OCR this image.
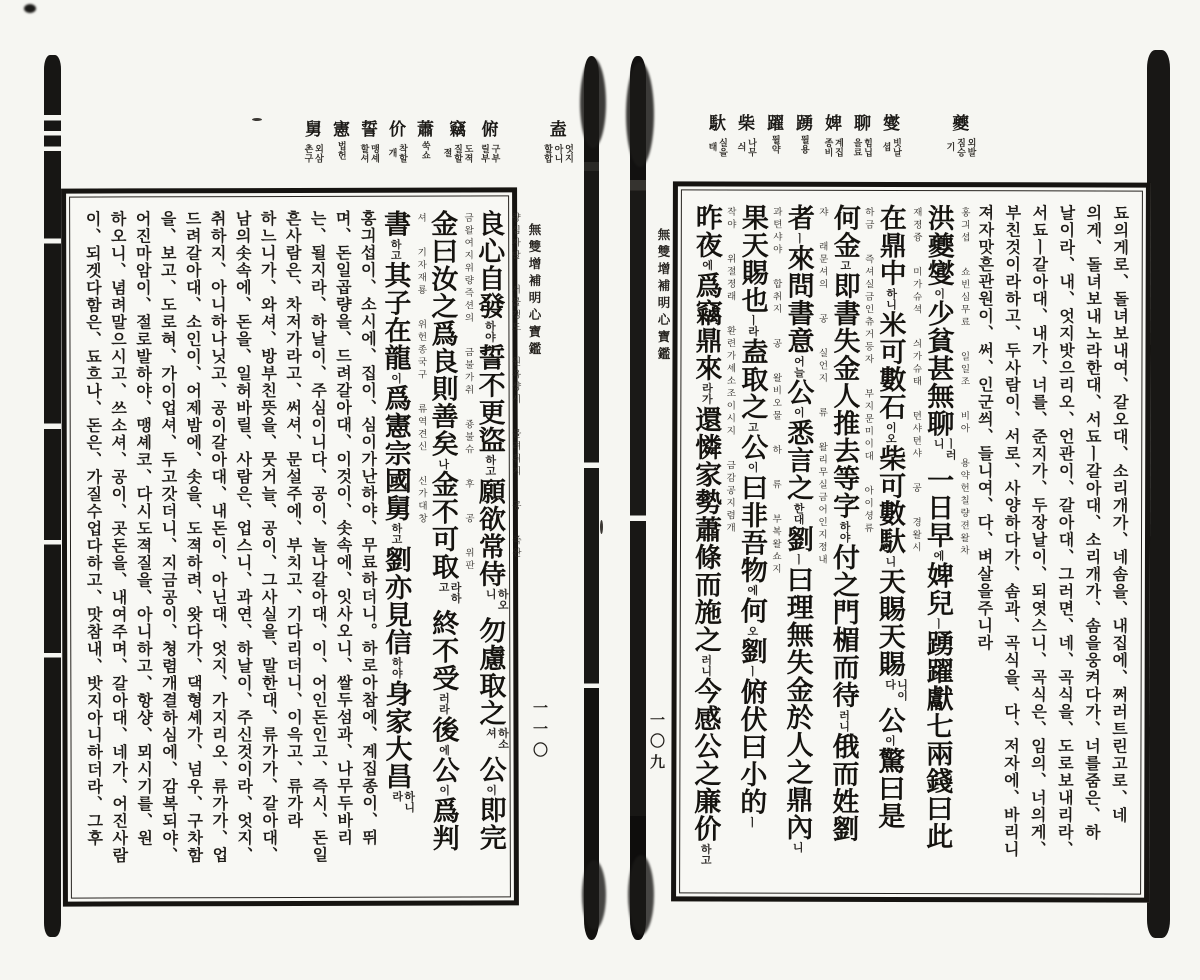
舅
외삼촌구
憲
법헌
誓
맹셰할셔
价
착할개
蕭
쑥쇼
竊
도젹질할졀
俯
구부릴부
盍
엇지아니할합
량심자발 서불갱도 원욕샹시 믈려취지 공 즉완
良心自發하야誓不更盜하고願欲常侍하오니勿慮取之하소셔公이即完
금왈여지위량즉션의 금불가취 죵불슈 후 공 위판
金曰汝之爲良則善矣나金不可取라하고終不受러라後에公이爲判
셔 기자재룡 위헌종국구 류역견신 신가대창
書하고其子在龍이爲憲宗國舅하고劉亦見信하야身家大昌하니라
홍긔섭이、소시에、집이、심이가난하야、무료하더니。하로아참에、계집종이、뛰
며、돈일곱량을、드려갈아대、이것이、솟속에、잇사오니、쌀두섬과、나무두바리
는、될지라、하날이、주심이니다、공이、놀나갈아대、이、어인돈인고、즉시、돈일
흔사람은、차저가라고、써셔、문설주에、부치고、기다리더니、이윽고、류가라
하느니가、와셔、방부친뜻을、뭇거늘、공이、그사실을、말한대、류가가、갈아대、
남의솟속에、돈을、일허바릴、사람은、업스니、과연、하날이、주신것이라、엇지、
취하지、아니하나닛고、공이갈아대、내돈이、아닌대、엇지、가지리오、류가가、업
드려갈아대、소인이、어제밤에、솟을、도젹하려、왓다가、댁형셰가、넘우、구차함
을、보고、도로혀、가이업셔、두고갓더니、지금공이、쳥렴개결하심에、감복되야、
어진마암이、절로발하야、맹셰코、다시도젹질을、아니하고、항샹、뫼시기를、원
하오니、념려말으시고、쓰소셔、공이、곳돈을、내여주며、갈아대、네가、어진사람
이、되겟다함은、됴흐나、돈은、가질수업다하고、맛참내、밧지아니하더라、그후	無雙增補明心寶鑑
一一〇
馱
실을태
柴
나무싀
躍
뛸약
踴
뛸용
婢
계집종비
聊
힘닙을료
燮
빗날셥
夔
외발짐승기
됴의게로、돌녀보내여、갈오대、소리개가、네솜을、내집에、쩌러트린고로、네
의게、돌녀보내노라한대、서됴ㅣ갈아대、소리개가、솜을웅켜다가、너를줌은、하
날이라、내、엇지밧으리오、언관이、갈아대、그러면、네、곡식을、도로보내리라、
서됴ㅣ갈아대、내가、너를、준지가、두장날이、되엿스니、곡식은、임의、너의게、
부친것이라하고、두사람이、서로、사양하다가、솜과、곡식을、다、저자에、바리니
져자맛흔관원이、써、인군씌、들니여、다、벼살을주니라
홍긔셥 쇼빈심무료 일일조 비아 용약헌칠량젼왈차
洪夔燮이少貧甚無聊ㅣ러니一日早에婢兒ㅣ踴躍獻七兩錢曰此
재졍즁 미가슈셕 싀가슈태 텬샤텬샤 공 경왈시
在鼎中하니米可數石이오柴可數馱니天賜天賜니이다公이驚曰是
하금 즉셔실금인츄거등자 부지문미이대 아이셩류
何金고即書失金人推去等字하야付之門楣而待러니俄而姓劉
쟈 래문셔의 공 실언지 류 왈리무실금어인지졍내
者ㅣ來問書意어늘公이悉言之한대劉ㅣ曰理無失金於人之鼎內니
과텬샤야 합취지 공 왈비오물 하 류 부복왈쇼지
果天賜也ㅣ라盍取之고公이曰非吾物에何오劉ㅣ俯伏曰小的ㅣ
작야 위졀졍래 환련가셰소조이시지 금감공지렴개
昨夜에爲竊鼎來라가還憐家勢蕭條而施之러니今感公之廉价하고
無雙增補明心寶鑑
一〇九
